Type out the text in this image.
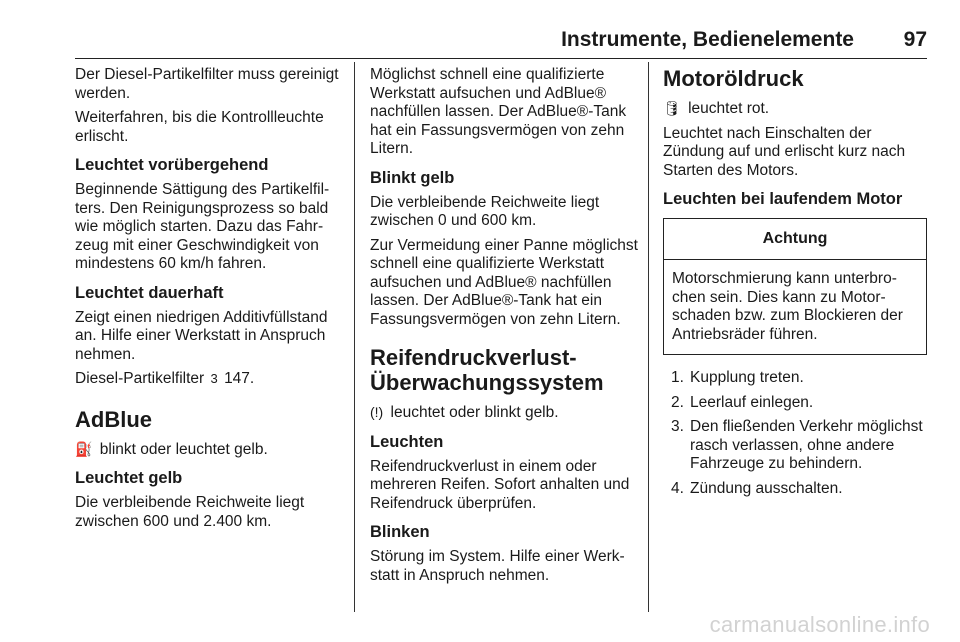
Instrumente, Bedienelemente 97

Der Diesel-Partikelfilter muss gereinigt werden.

Weiterfahren, bis die Kontrollleuchte erlischt.

Leuchtet vorübergehend

Beginnende Sättigung des Partikelfilters. Den Reinigungsprozess so bald wie möglich starten. Dazu das Fahrzeug mit einer Geschwindigkeit von mindestens 60 km/h fahren.

Leuchtet dauerhaft

Zeigt einen niedrigen Additivfüllstand an. Hilfe einer Werkstatt in Anspruch nehmen.

Diesel-Partikelfilter 3 147.

AdBlue

⛽ blinkt oder leuchtet gelb.

Leuchtet gelb

Die verbleibende Reichweite liegt zwischen 600 und 2.400 km.

Möglichst schnell eine qualifizierte Werkstatt aufsuchen und AdBlue® nachfüllen lassen. Der AdBlue®-Tank hat ein Fassungsvermögen von zehn Litern.

Blinkt gelb

Die verbleibende Reichweite liegt zwischen 0 und 600 km.

Zur Vermeidung einer Panne möglichst schnell eine qualifizierte Werkstatt aufsuchen und AdBlue® nachfüllen lassen. Der AdBlue®-Tank hat ein Fassungsvermögen von zehn Litern.

Reifendruckverlust-Überwachungssystem

(!) leuchtet oder blinkt gelb.

Leuchten

Reifendruckverlust in einem oder mehreren Reifen. Sofort anhalten und Reifendruck überprüfen.

Blinken

Störung im System. Hilfe einer Werkstatt in Anspruch nehmen.

Motoröldruck

🛢 leuchtet rot.

Leuchtet nach Einschalten der Zündung auf und erlischt kurz nach Starten des Motors.

Leuchten bei laufendem Motor
Achtung
Motorschmierung kann unterbrochen sein. Dies kann zu Motorschaden bzw. zum Blockieren der Antriebsräder führen.
1. Kupplung treten.
2. Leerlauf einlegen.
3. Den fließenden Verkehr möglichst rasch verlassen, ohne andere Fahrzeuge zu behindern.
4. Zündung ausschalten.
carmanualsonline.info
